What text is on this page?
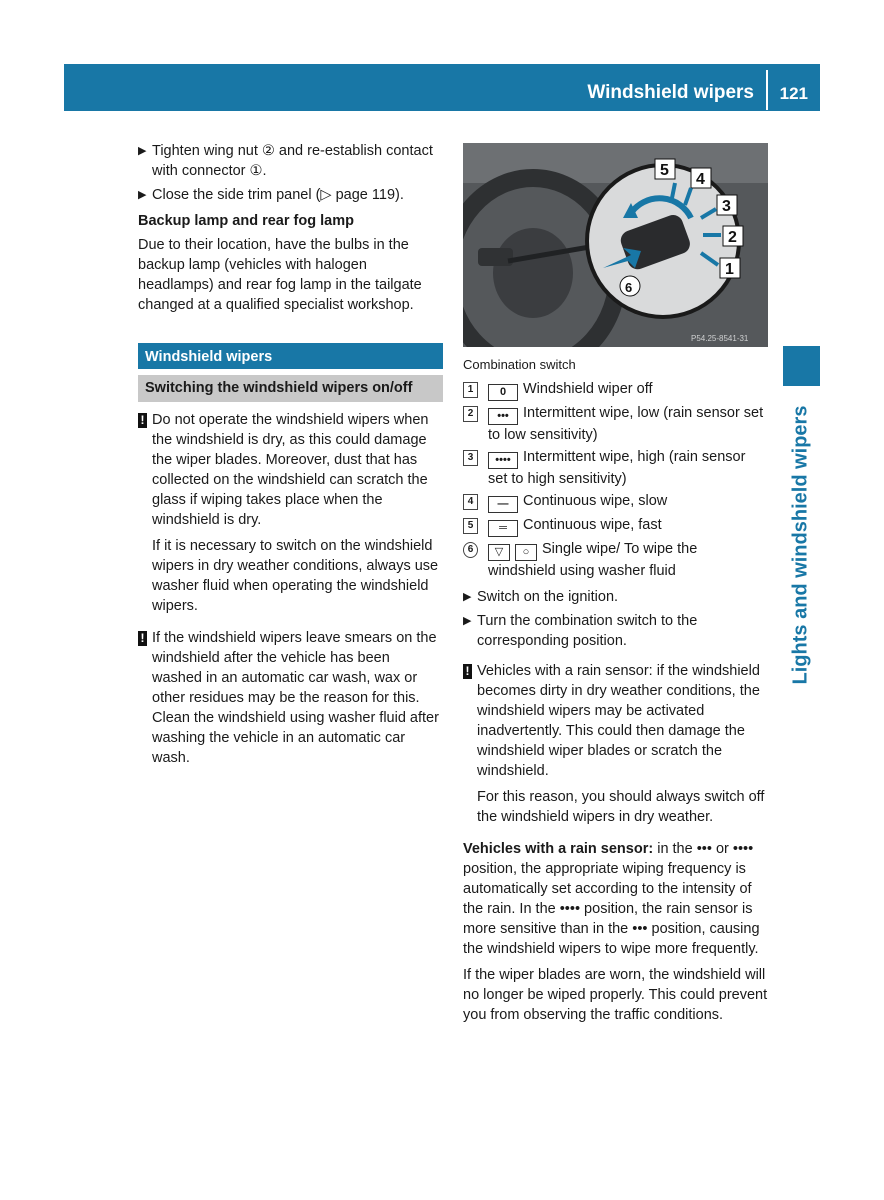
Windshield wipers 121
Lights and windshield wipers
▶ Tighten wing nut ② and re-establish contact with connector ①.
▶ Close the side trim panel (▷ page 119).
Backup lamp and rear fog lamp

Due to their location, have the bulbs in the backup lamp (vehicles with halogen headlamps) and rear fog lamp in the tailgate changed at a qualified specialist workshop.

Windshield wipers
Switching the windshield wipers on/off
! Do not operate the windshield wipers when the windshield is dry, as this could damage the wiper blades. Moreover, dust that has collected on the windshield can scratch the glass if wiping takes place when the windshield is dry.

If it is necessary to switch on the windshield wipers in dry weather conditions, always use washer fluid when operating the windshield wipers.

! If the windshield wipers leave smears on the windshield after the vehicle has been washed in an automatic car wash, wax or other residues may be the reason for this. Clean the windshield using washer fluid after washing the vehicle in an automatic car wash.

5
4
3
2
1
6
P54.25-8541-31
Combination switch
1	0 Windshield wiper off
2	••• Intermittent wipe, low (rain sensor set to low sensitivity)
3	•••• Intermittent wipe, high (rain sensor set to high sensitivity)
4	— Continuous wipe, slow
5	═ Continuous wipe, fast
6	▽ ○ Single wipe/ To wipe the windshield using washer fluid
▶ Switch on the ignition.
▶ Turn the combination switch to the corresponding position.
! Vehicles with a rain sensor: if the windshield becomes dirty in dry weather conditions, the windshield wipers may be activated inadvertently. This could then damage the windshield wiper blades or scratch the windshield.

For this reason, you should always switch off the windshield wipers in dry weather.

Vehicles with a rain sensor: in the ••• or •••• position, the appropriate wiping frequency is automatically set according to the intensity of the rain. In the •••• position, the rain sensor is more sensitive than in the ••• position, causing the windshield wipers to wipe more frequently.

If the wiper blades are worn, the windshield will no longer be wiped properly. This could prevent you from observing the traffic conditions.
